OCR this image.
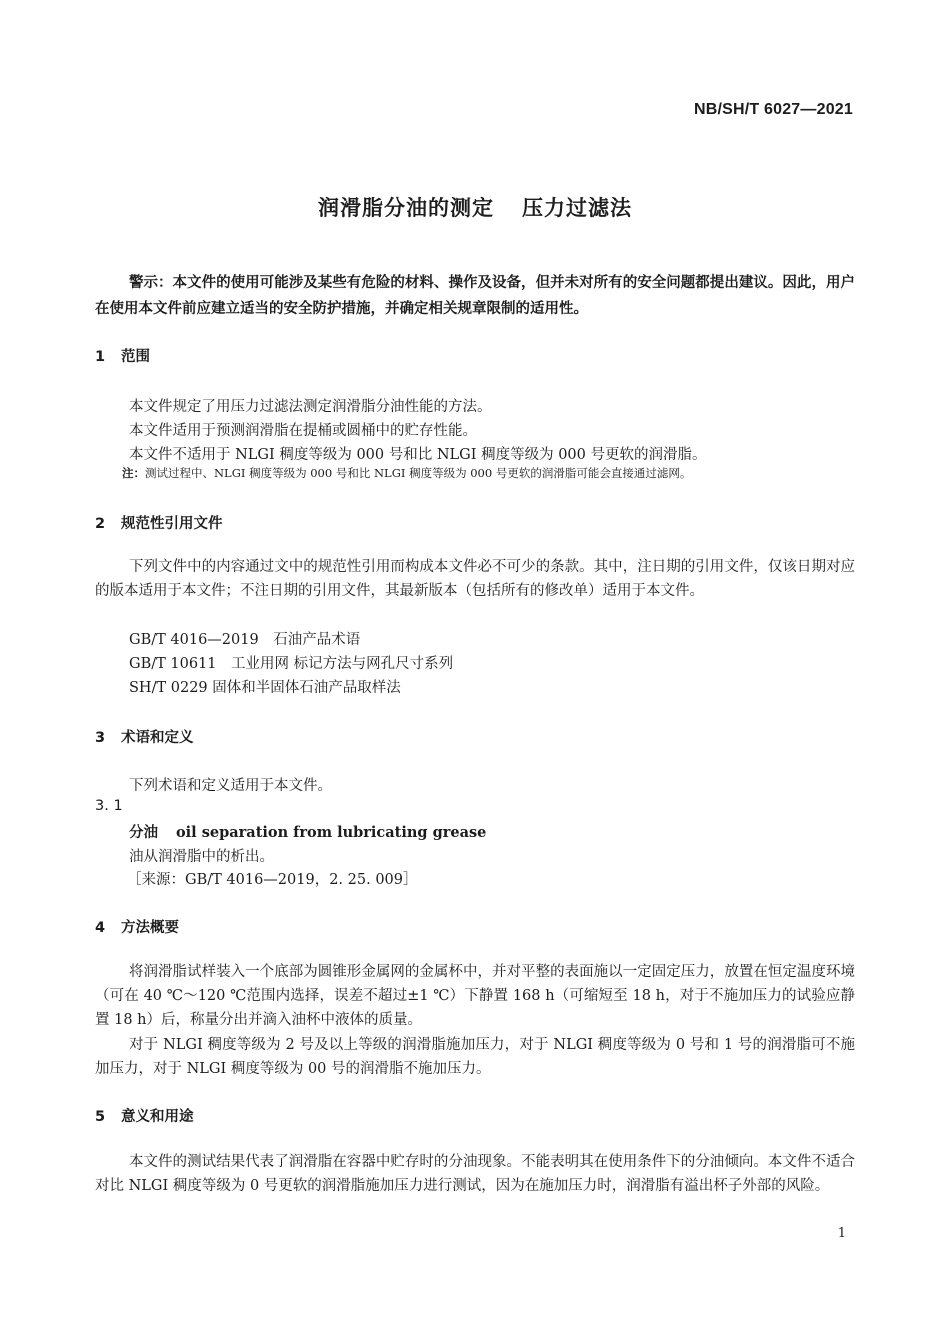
NB/SH/T 6027—2021
润滑脂分油的测定 压力过滤法
警示：本文件的使用可能涉及某些有危险的材料、操作及设备，但并未对所有的安全问题都提出建议。因此，用户在使用本文件前应建立适当的安全防护措施，并确定相关规章限制的适用性。
1 范围
本文件规定了用压力过滤法测定润滑脂分油性能的方法。
本文件适用于预测润滑脂在提桶或圆桶中的贮存性能。
本文件不适用于 NLGI 稠度等级为 000 号和比 NLGI 稠度等级为 000 号更软的润滑脂。
注：测试过程中、NLGI 稠度等级为 000 号和比 NLGI 稠度等级为 000 号更软的润滑脂可能会直接通过滤网。
2 规范性引用文件
下列文件中的内容通过文中的规范性引用而构成本文件必不可少的条款。其中，注日期的引用文件，仅该日期对应的版本适用于本文件；不注日期的引用文件，其最新版本（包括所有的修改单）适用于本文件。
GB/T 4016—2019　石油产品术语
GB/T 10611　工业用网 标记方法与网孔尺寸系列
SH/T 0229 固体和半固体石油产品取样法
3 术语和定义
下列术语和定义适用于本文件。
3. 1
分油 oil separation from lubricating grease
油从润滑脂中的析出。
［来源：GB/T 4016—2019，2. 25. 009］
4 方法概要
将润滑脂试样装入一个底部为圆锥形金属网的金属杯中，并对平整的表面施以一定固定压力，放置在恒定温度环境（可在 40 ℃～120 ℃范围内选择，误差不超过±1 ℃）下静置 168 h（可缩短至 18 h，对于不施加压力的试验应静置 18 h）后，称量分出并滴入油杯中液体的质量。
对于 NLGI 稠度等级为 2 号及以上等级的润滑脂施加压力，对于 NLGI 稠度等级为 0 号和 1 号的润滑脂可不施加压力，对于 NLGI 稠度等级为 00 号的润滑脂不施加压力。
5 意义和用途
本文件的测试结果代表了润滑脂在容器中贮存时的分油现象。不能表明其在使用条件下的分油倾向。本文件不适合对比 NLGI 稠度等级为 0 号更软的润滑脂施加压力进行测试，因为在施加压力时，润滑脂有溢出杯子外部的风险。
1
